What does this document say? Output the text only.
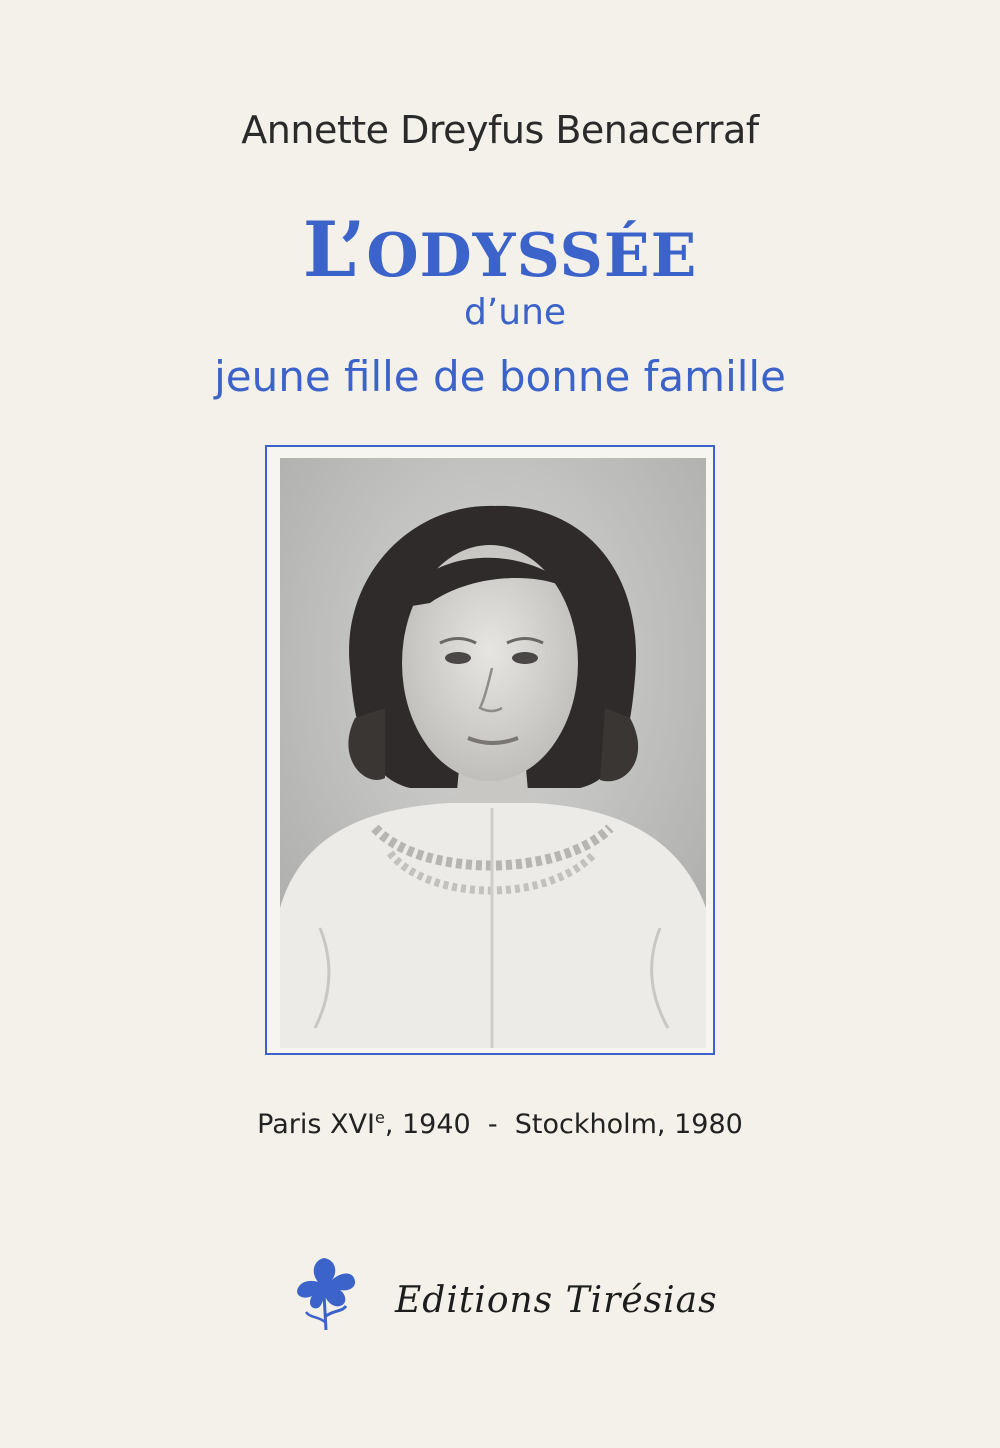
Annette Dreyfus Benacerraf
L’ODYSSÉE
d’une
jeune fille de bonne famille
Paris XVIe, 1940  -  Stockholm, 1980
Editions Tirésias
